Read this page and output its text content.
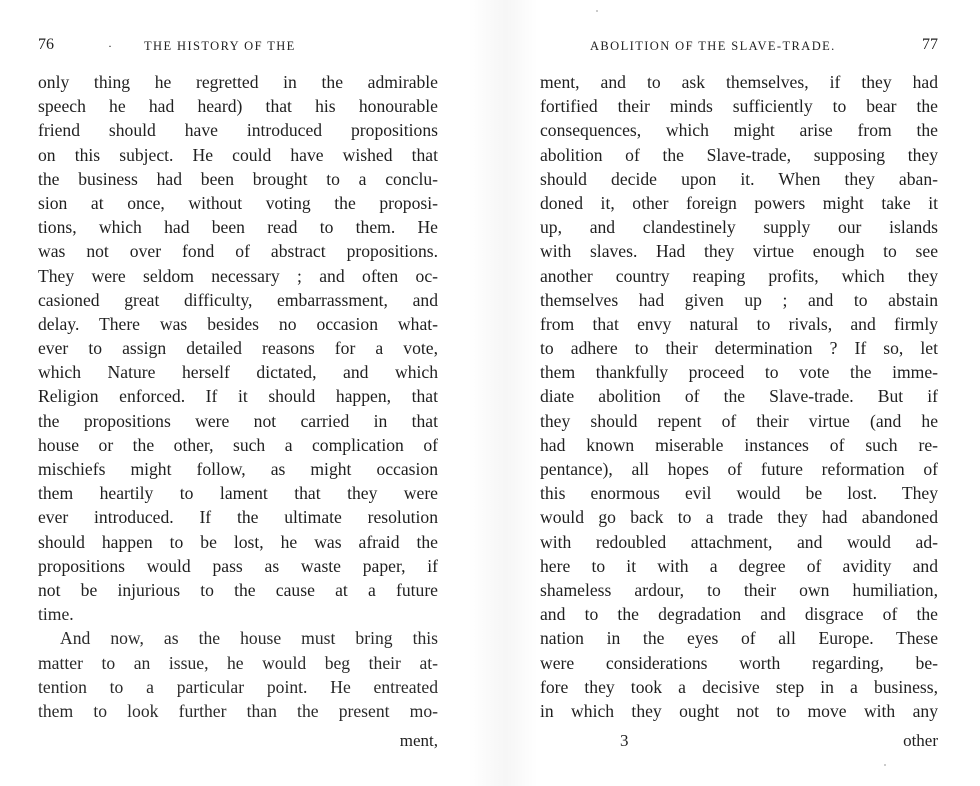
76	· THE HISTORY OF THE
only thing he regretted in the admirable
speech he had heard) that his honourable
friend should have introduced propositions
on this subject. He could have wished that
the business had been brought to a conclu-
sion at once, without voting the proposi-
tions, which had been read to them. He
was not over fond of abstract propositions.
They were seldom necessary ; and often oc-
casioned great difficulty, embarrassment, and
delay. There was besides no occasion what-
ever to assign detailed reasons for a vote,
which Nature herself dictated, and which
Religion enforced. If it should happen, that
the propositions were not carried in that
house or the other, such a complication of
mischiefs might follow, as might occasion
them heartily to lament that they were
ever introduced. If the ultimate resolution
should happen to be lost, he was afraid the
propositions would pass as waste paper, if
not be injurious to the cause at a future
time.
And now, as the house must bring this
matter to an issue, he would beg their at-
tention to a particular point. He entreated
them to look further than the present mo-
ment,
ABOLITION OF THE SLAVE-TRADE.	77
ment, and to ask themselves, if they had
fortified their minds sufficiently to bear the
consequences, which might arise from the
abolition of the Slave-trade, supposing they
should decide upon it. When they aban-
doned it, other foreign powers might take it
up, and clandestinely supply our islands
with slaves. Had they virtue enough to see
another country reaping profits, which they
themselves had given up ; and to abstain
from that envy natural to rivals, and firmly
to adhere to their determination ? If so, let
them thankfully proceed to vote the imme-
diate abolition of the Slave-trade. But if
they should repent of their virtue (and he
had known miserable instances of such re-
pentance), all hopes of future reformation of
this enormous evil would be lost. They
would go back to a trade they had abandoned
with redoubled attachment, and would ad-
here to it with a degree of avidity and
shameless ardour, to their own humiliation,
and to the degradation and disgrace of the
nation in the eyes of all Europe. These
were considerations worth regarding, be-
fore they took a decisive step in a business,
in which they ought not to move with any
3	other
